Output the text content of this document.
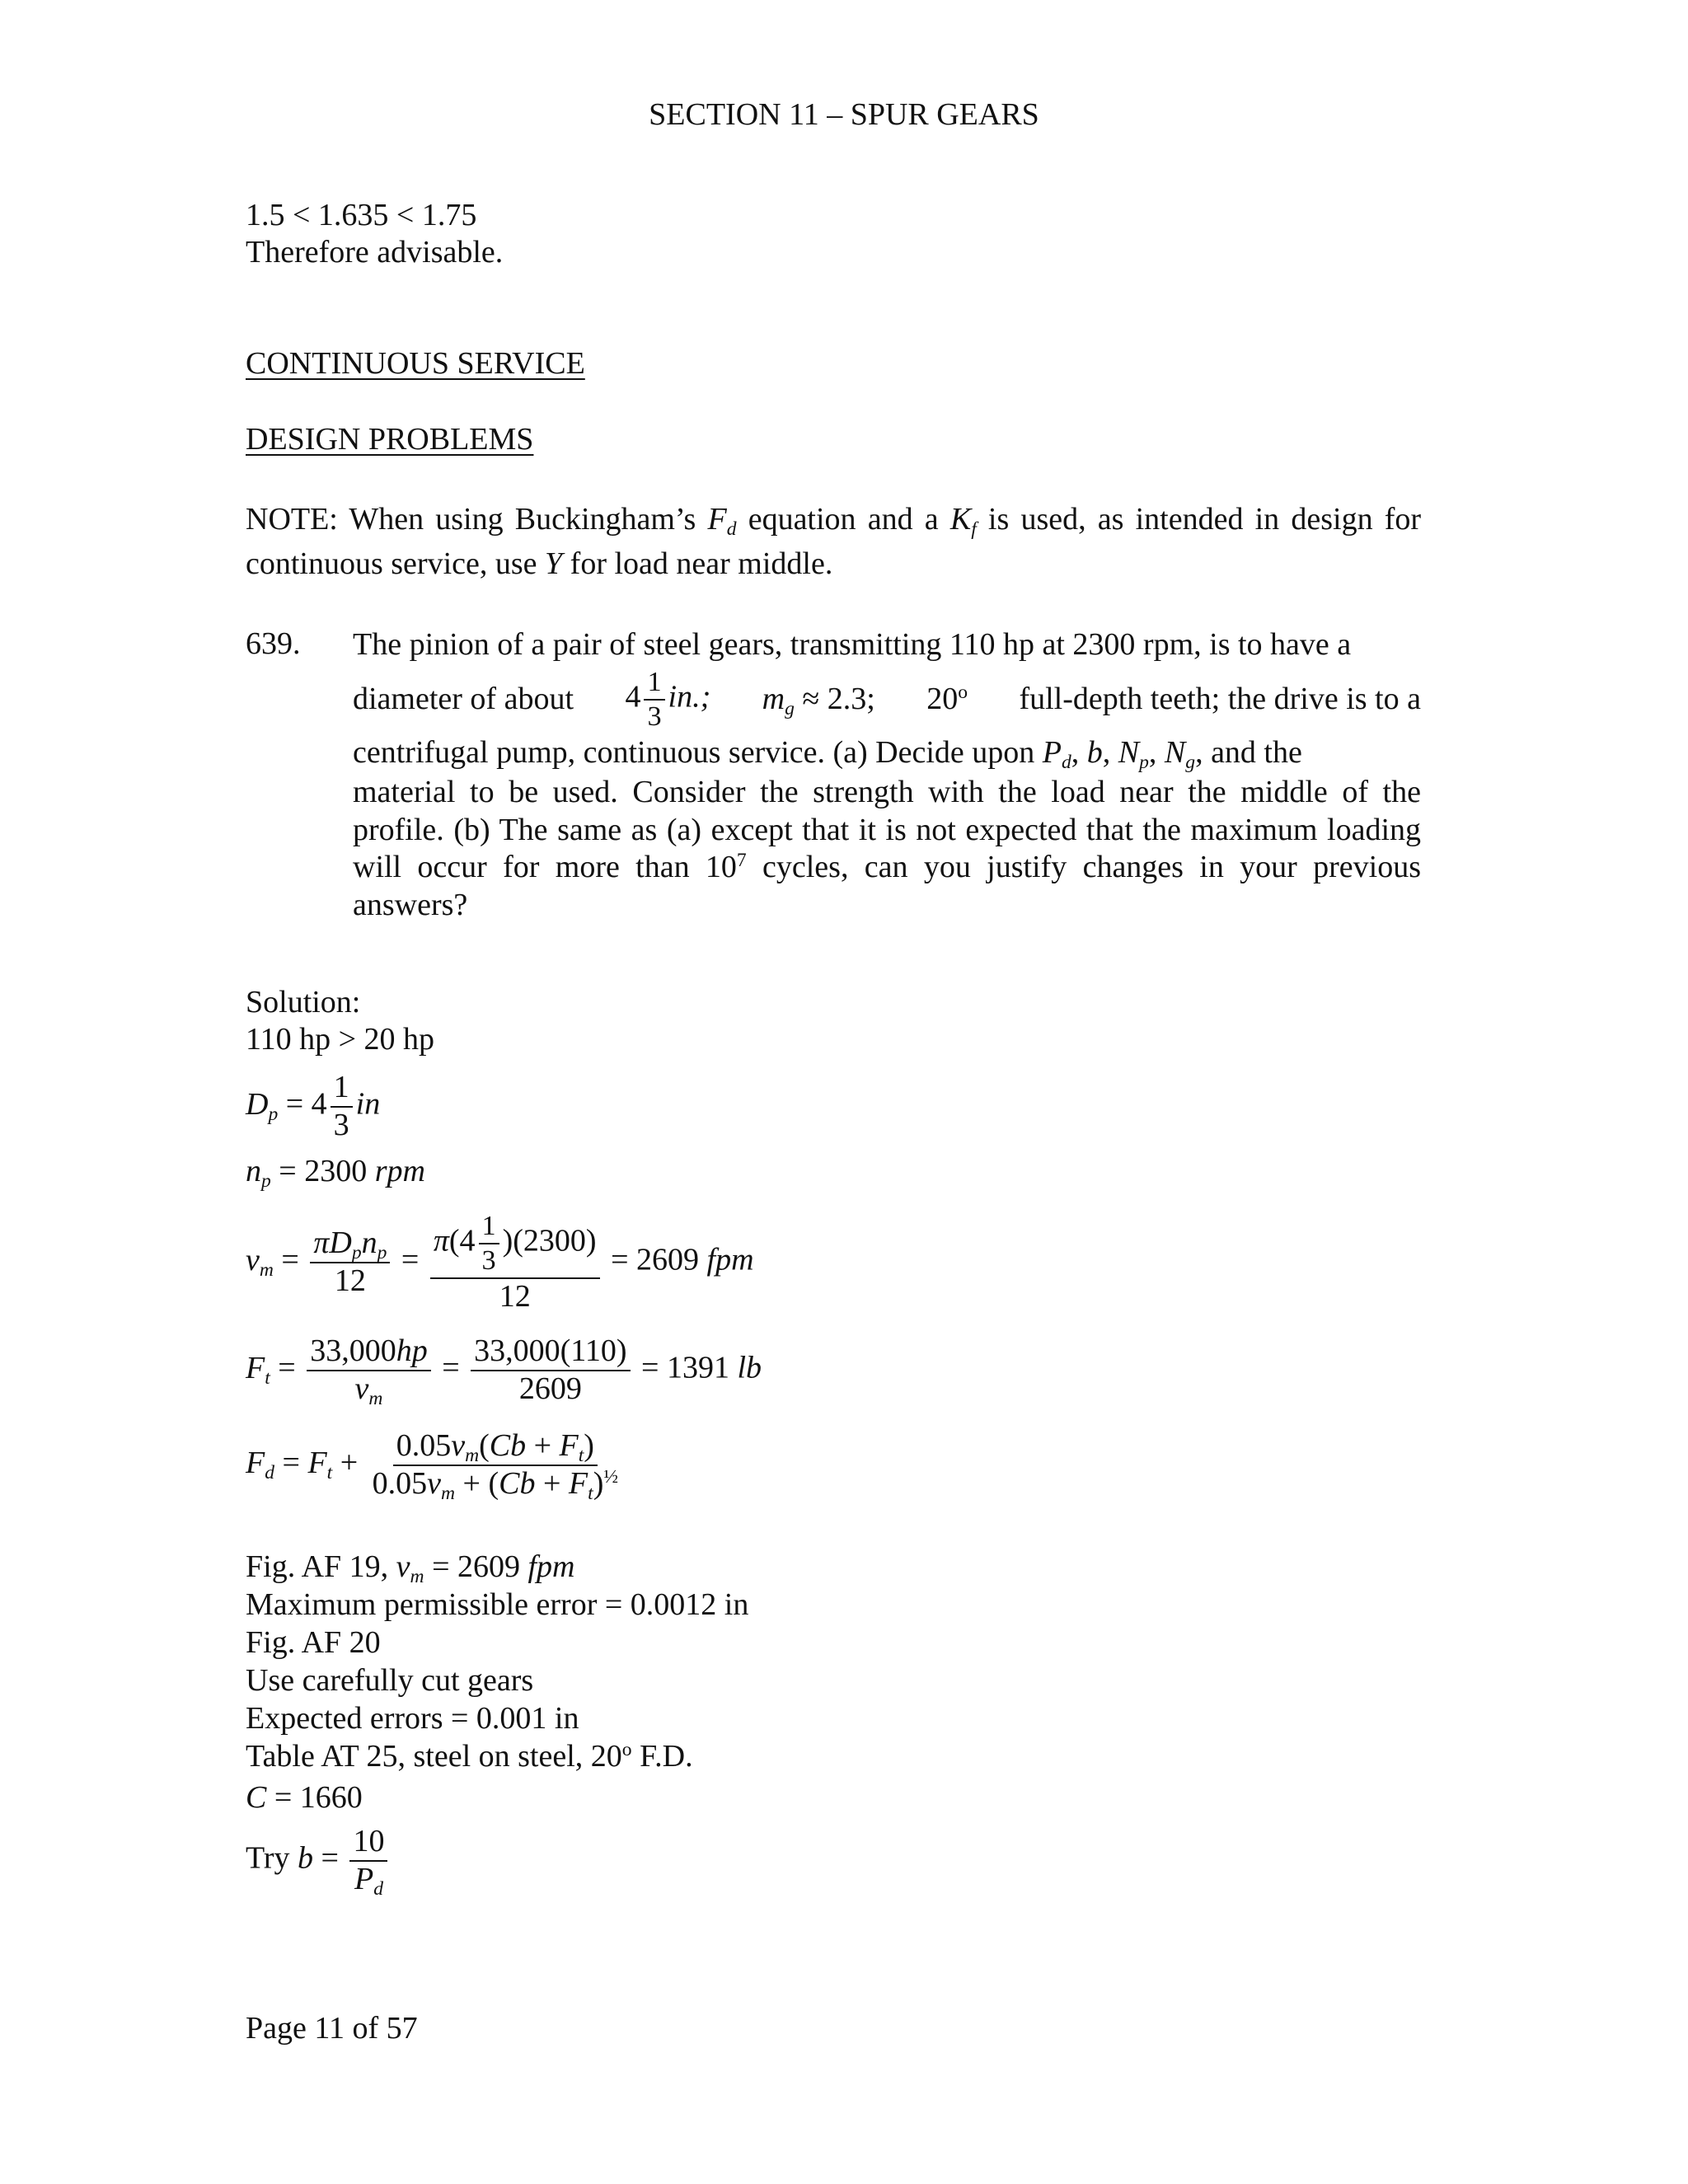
SECTION 11 – SPUR GEARS
1.5 < 1.635 < 1.75
Therefore advisable.
CONTINUOUS SERVICE
DESIGN PROBLEMS
NOTE: When using Buckingham’s $F_d$ equation and a $K_f$ is used, as intended in design for continuous service, use Y for load near middle.
639. The pinion of a pair of steel gears, transmitting 110 hp at 2300 rpm, is to have a
diameter of about $4 \frac{1}{3}$ in.; $m_g \approx 2.3$; 20$^o$ full-depth teeth; the drive is to a
centrifugal pump, continuous service. (a) Decide upon $P_d$, b, $N_p$, $N_g$, and the
material to be used. Consider the strength with the load near the middle of the profile. (b) The same as (a) except that it is not expected that the maximum loading will occur for more than $10^7$ cycles, can you justify changes in your previous answers?
Solution:
110 hp > 20 hp
$D_p = 4 \frac{1}{3}$ in
$n_p = 2300$ rpm
$v_m = \frac{\pi D_pn_p}{12} = \frac{\pi(4 \frac{1}{3} )(2300)}{12} = 2609$ fpm
$F_t = \frac{33,000hp}{v_m} = \frac{33,000(110)}{2609} = 1391$ lb
$F_d = F_t + \frac{0.05v_m(Cb + F_t)}{0.05v_m + (Cb + F_t)^{\frac{1}{2}}}$
Fig. AF 19, $v_m = 2609$ fpm
Maximum permissible error = 0.0012 in
Fig. AF 20
Use carefully cut gears
Expected errors = 0.001 in
Table AT 25, steel on steel, 20$^o$ F.D.
C = 1660
Try $b = \frac{10}{P_d}$
Page 11 of 57
